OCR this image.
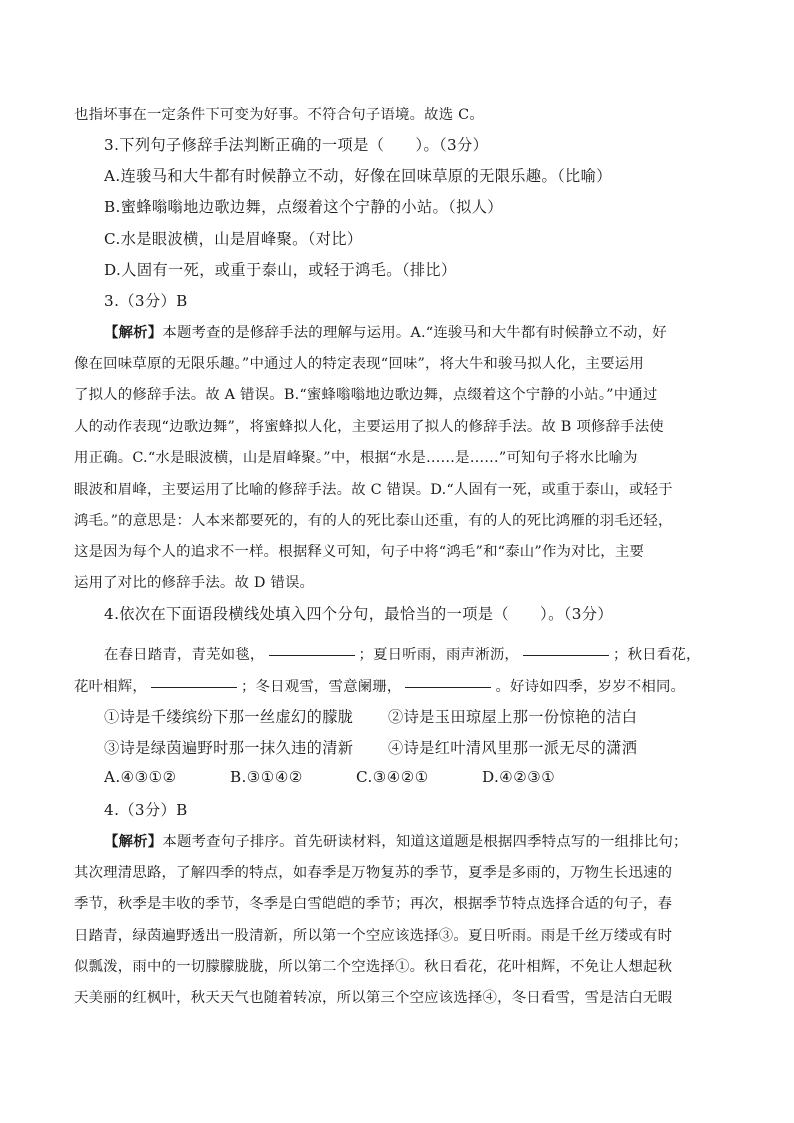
也指坏事在一定条件下可变为好事。不符合句子语境。故选 C。
3.下列句子修辞手法判断正确的一项是（　　）。（3分）
A.连骏马和大牛都有时候静立不动，好像在回味草原的无限乐趣。（比喻）
B.蜜蜂嗡嗡地边歌边舞，点缀着这个宁静的小站。（拟人）
C.水是眼波横，山是眉峰聚。（对比）
D.人固有一死，或重于泰山，或轻于鸿毛。（排比）
3.（3分）B
【解析】本题考查的是修辞手法的理解与运用。A.“连骏马和大牛都有时候静立不动，好
像在回味草原的无限乐趣。”中通过人的特定表现“回味”，将大牛和骏马拟人化，主要运用
了拟人的修辞手法。故 A 错误。B.“蜜蜂嗡嗡地边歌边舞，点缀着这个宁静的小站。”中通过
人的动作表现“边歌边舞”，将蜜蜂拟人化，主要运用了拟人的修辞手法。故 B 项修辞手法使
用正确。C.“水是眼波横，山是眉峰聚。”中，根据“水是……是……”可知句子将水比喻为
眼波和眉峰，主要运用了比喻的修辞手法。故 C 错误。D.“人固有一死，或重于泰山，或轻于
鸿毛。”的意思是：人本来都要死的，有的人的死比泰山还重，有的人的死比鸿雁的羽毛还轻，
这是因为每个人的追求不一样。根据释义可知，句子中将“鸿毛”和“泰山”作为对比，主要
运用了对比的修辞手法。故 D 错误。
4.依次在下面语段横线处填入四个分句，最恰当的一项是（　　）。（3分）
在春日踏青，青芜如毯，	；夏日听雨，雨声淅沥，	；秋日看花，
花叶相辉，	；冬日观雪，雪意阑珊，	。好诗如四季，岁岁不相同。
①诗是千缕缤纷下那一丝虚幻的朦胧 ②诗是玉田琼屋上那一份惊艳的洁白
③诗是绿茵遍野时那一抹久违的清新 ④诗是红叶清风里那一派无尽的潇洒
A.④③①②	B.③①④②	C.③④②①	D.④②③①
4.（3分）B
【解析】本题考查句子排序。首先研读材料，知道这道题是根据四季特点写的一组排比句；
其次理清思路，了解四季的特点，如春季是万物复苏的季节，夏季是多雨的，万物生长迅速的
季节，秋季是丰收的季节，冬季是白雪皑皑的季节；再次，根据季节特点选择合适的句子，春
日踏青，绿茵遍野透出一股清新，所以第一个空应该选择③。夏日听雨。雨是千丝万缕或有时
似瓢泼，雨中的一切朦朦胧胧，所以第二个空选择①。秋日看花，花叶相辉，不免让人想起秋
天美丽的红枫叶，秋天天气也随着转凉，所以第三个空应该选择④，冬日看雪，雪是洁白无暇
